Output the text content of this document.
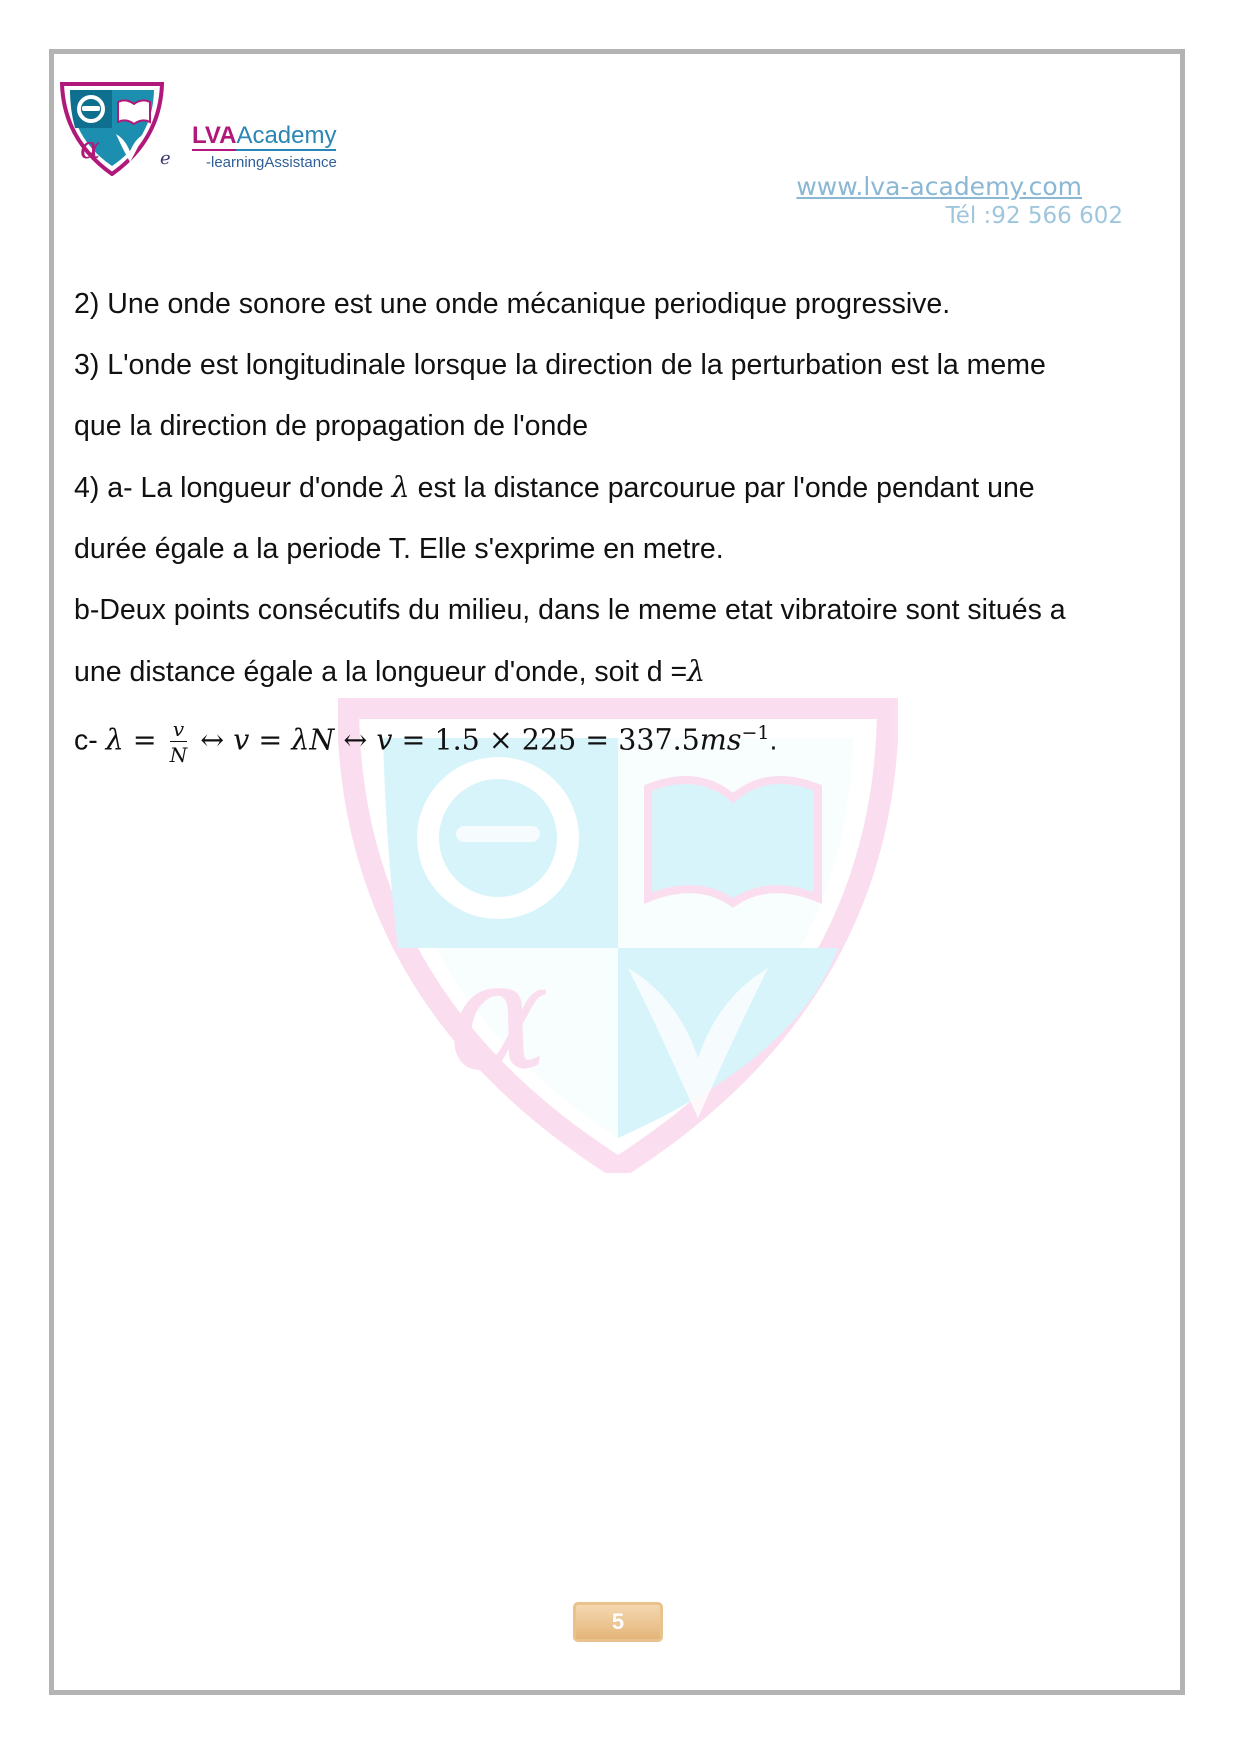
α
α	e
LVAAcademy
-learningAssistance
www.lva-academy.com
Tél :92 566 602

2) Une onde sonore est une onde mécanique periodique progressive.

3) L'onde est longitudinale lorsque la direction de la perturbation est la meme

que la direction de propagation de l'onde

4) a- La longueur d'onde λ est la distance parcourue par l'onde pendant une

durée égale a la periode T. Elle s'exprime en metre.

b-Deux points consécutifs du milieu, dans le meme etat vibratoire sont situés a

une distance égale a la longueur d'onde, soit d =λ

c- $\lambda = \frac{v}{N}$ ↔ v = λN ↔ $v = 1.5 \times 225 = 337.5ms^{-1}$.

5
